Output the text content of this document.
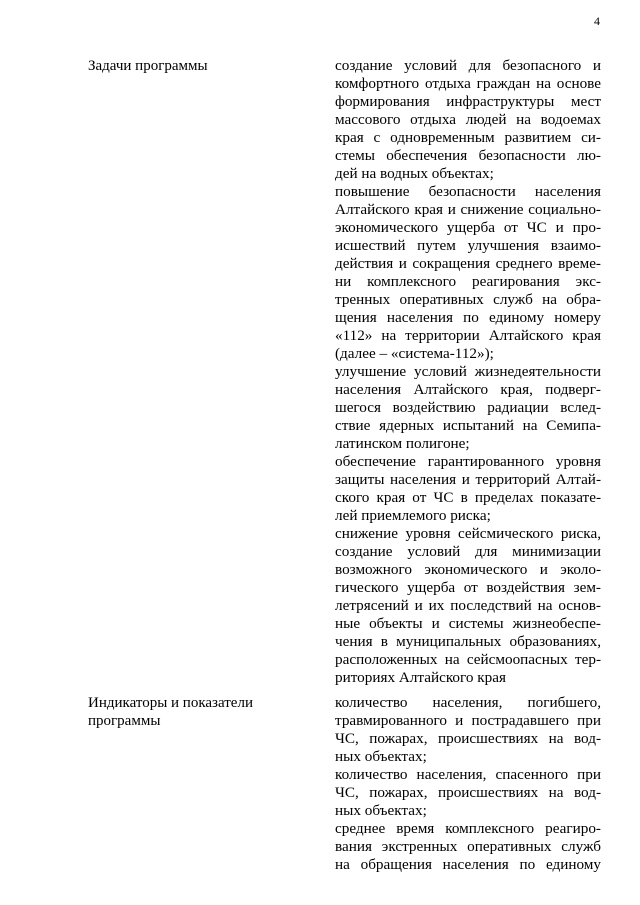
4
Задачи программы	создание условий для безопасного и
комфортного отдыха граждан на основе
формирования инфраструктуры мест
массового отдыха людей на водоемах
края с одновременным развитием си-
стемы обеспечения безопасности лю-
дей на водных объектах;
повышение безопасности населения
Алтайского края и снижение социально-
экономического ущерба от ЧС и про-
исшествий путем улучшения взаимо-
действия и сокращения среднего време-
ни комплексного реагирования экс-
тренных оперативных служб на обра-
щения населения по единому номеру
«112» на территории Алтайского края
(далее – «система-112»);
улучшение условий жизнедеятельности
населения Алтайского края, подверг-
шегося воздействию радиации вслед-
ствие ядерных испытаний на Семипа-
латинском полигоне;
обеспечение гарантированного уровня
защиты населения и территорий Алтай-
ского края от ЧС в пределах показате-
лей приемлемого риска;
снижение уровня сейсмического риска,
создание условий для минимизации
возможного экономического и эколо-
гического ущерба от воздействия зем-
летрясений и их последствий на основ-
ные объекты и системы жизнеобеспе-
чения в муниципальных образованиях,
расположенных на сейсмоопасных тер-
риториях Алтайского края
Индикаторы и показатели
программы
количество населения, погибшего,
травмированного и пострадавшего при
ЧС, пожарах, происшествиях на вод-
ных объектах;
количество населения, спасенного при
ЧС, пожарах, происшествиях на вод-
ных объектах;
среднее время комплексного реагиро-
вания экстренных оперативных служб
на обращения населения по единому
